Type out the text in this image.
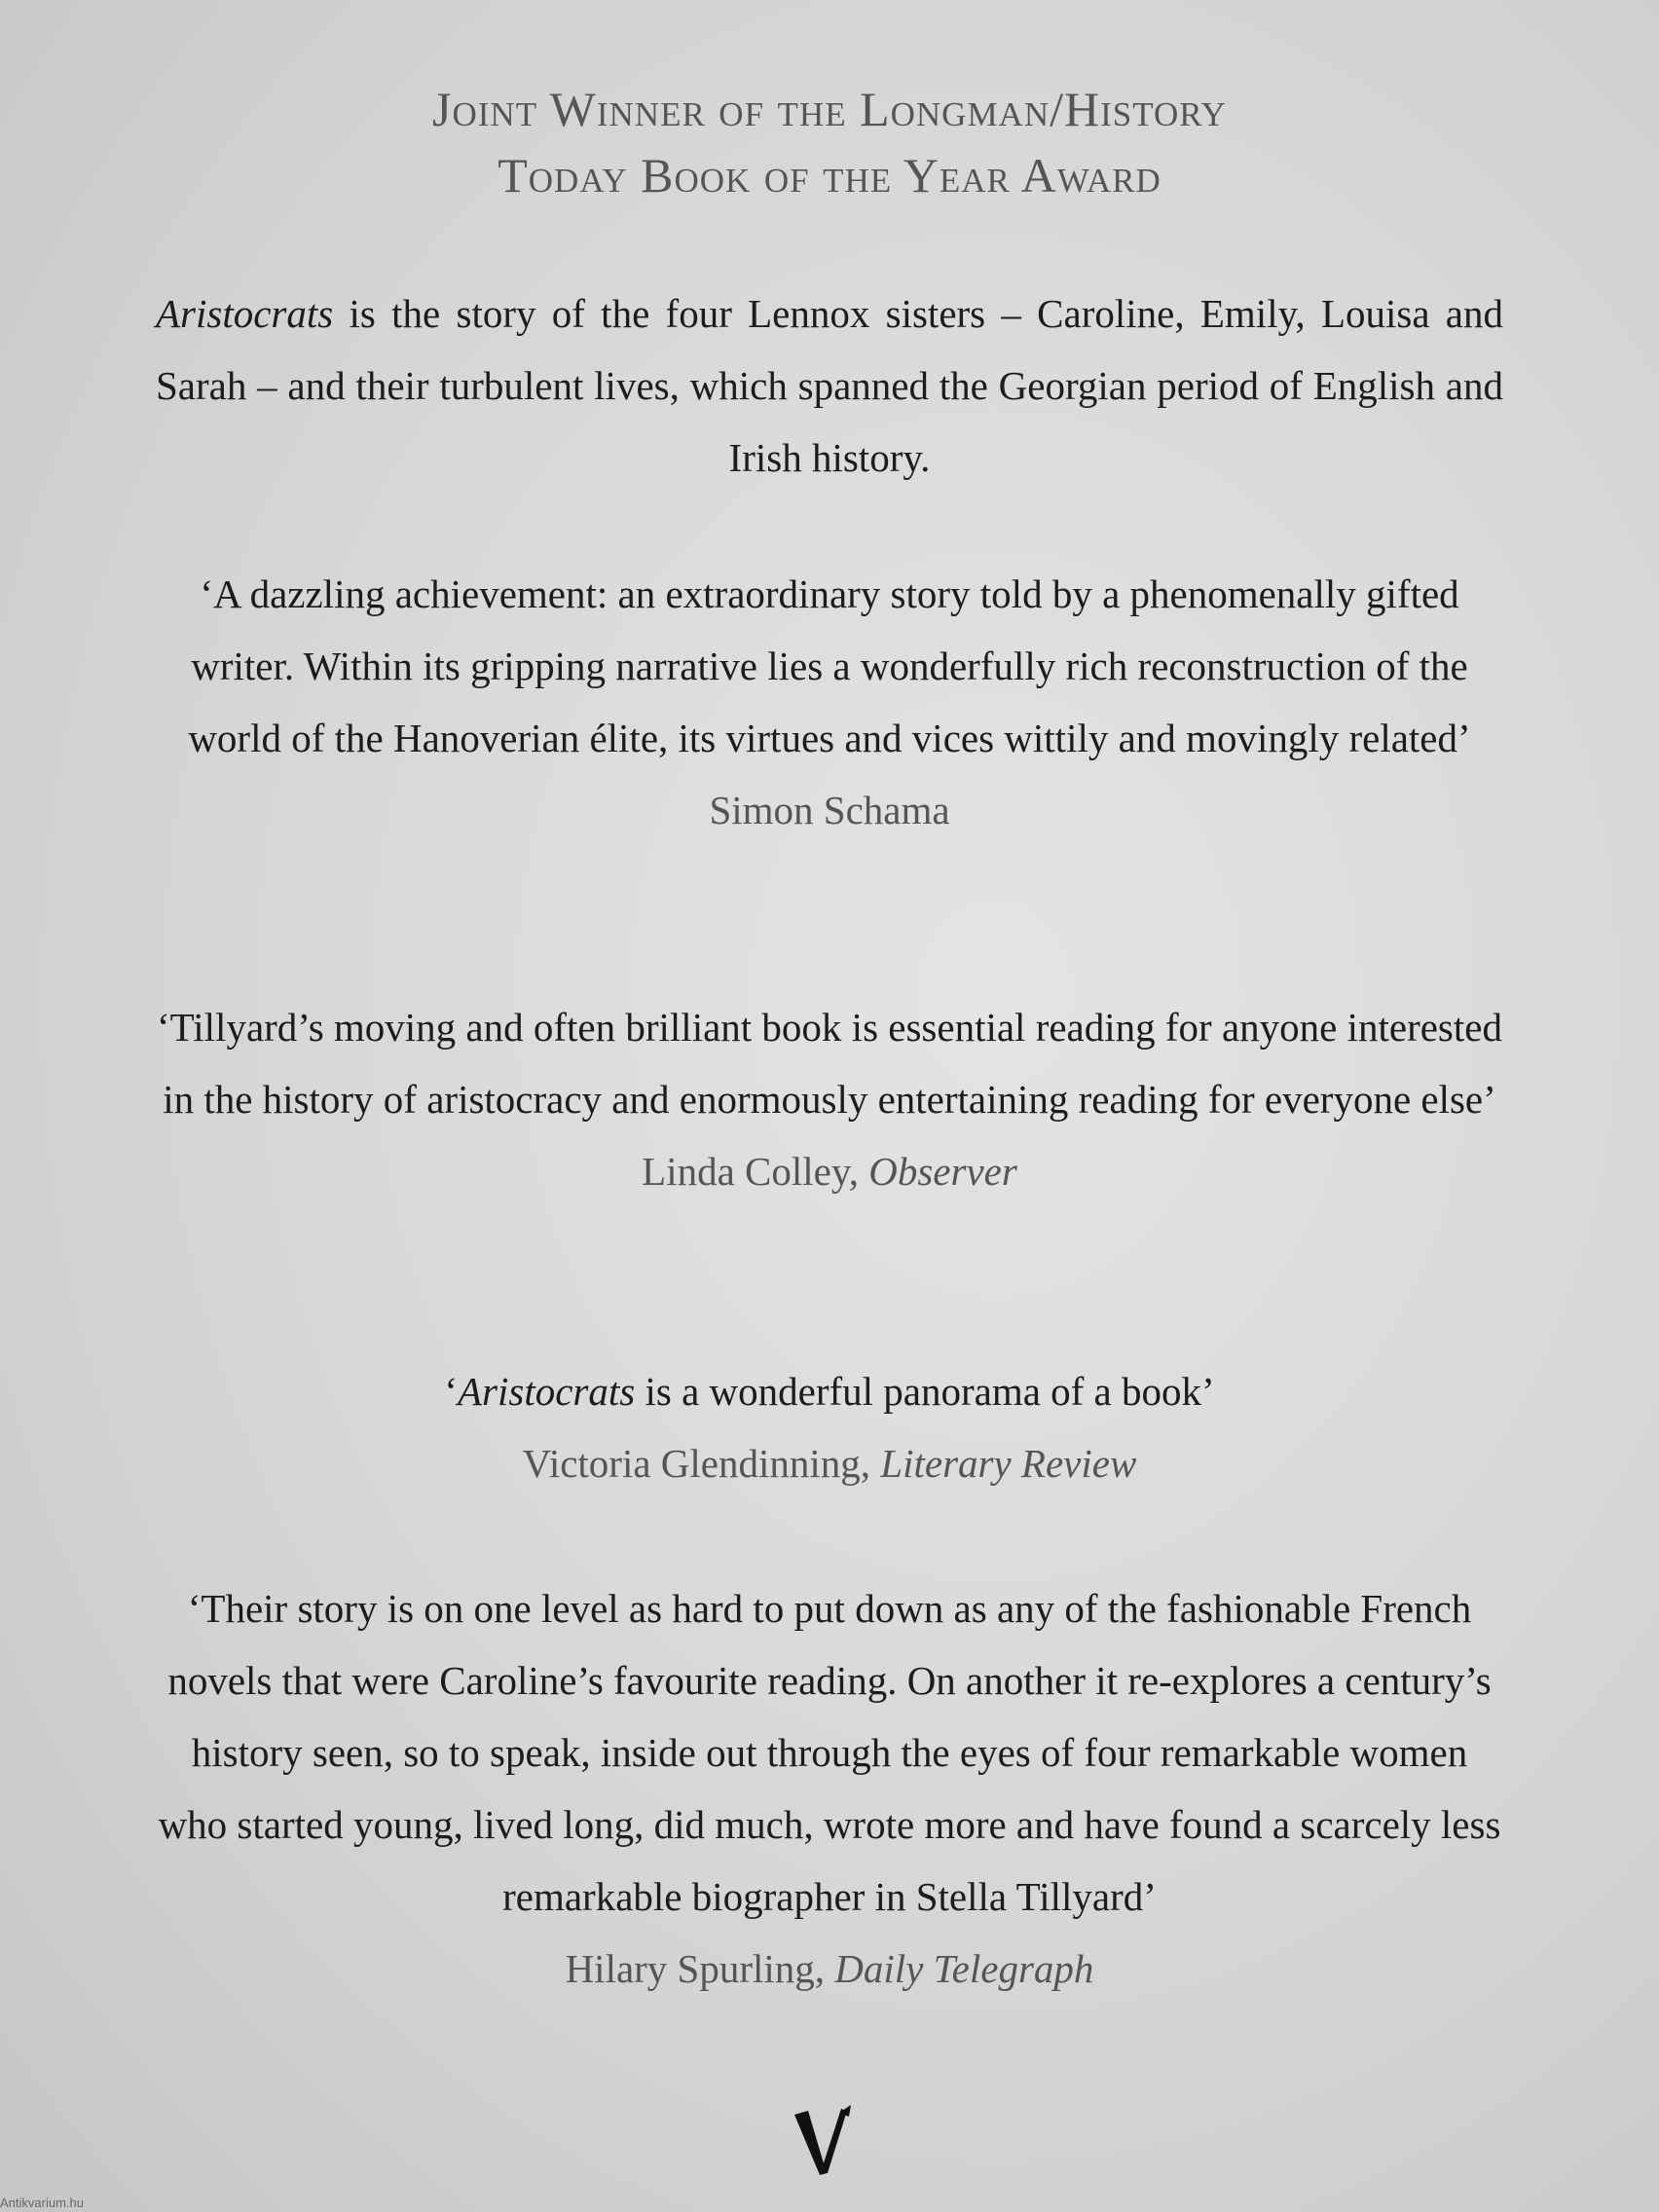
Joint Winner of the Longman/History
Today Book of the Year Award
Aristocrats is the story of the four Lennox sisters – Caroline, Emily, Louisa and Sarah – and their turbulent lives, which spanned the Georgian period of English and Irish history.
‘A dazzling achievement: an extraordinary story told by a phenomenally gifted writer. Within its gripping narrative lies a wonderfully rich reconstruction of the world of the Hanoverian élite, its virtues and vices wittily and movingly related’
Simon Schama
‘Tillyard’s moving and often brilliant book is essential reading for anyone interested in the history of aristocracy and enormously entertaining reading for everyone else’
Linda Colley, Observer
‘Aristocrats is a wonderful panorama of a book’
Victoria Glendinning, Literary Review
‘Their story is on one level as hard to put down as any of the fashionable French novels that were Caroline’s favourite reading. On another it re-explores a century’s history seen, so to speak, inside out through the eyes of four remarkable women who started young, lived long, did much, wrote more and have found a scarcely less remarkable biographer in Stella Tillyard’
Hilary Spurling, Daily Telegraph
Antikvarium.hu
